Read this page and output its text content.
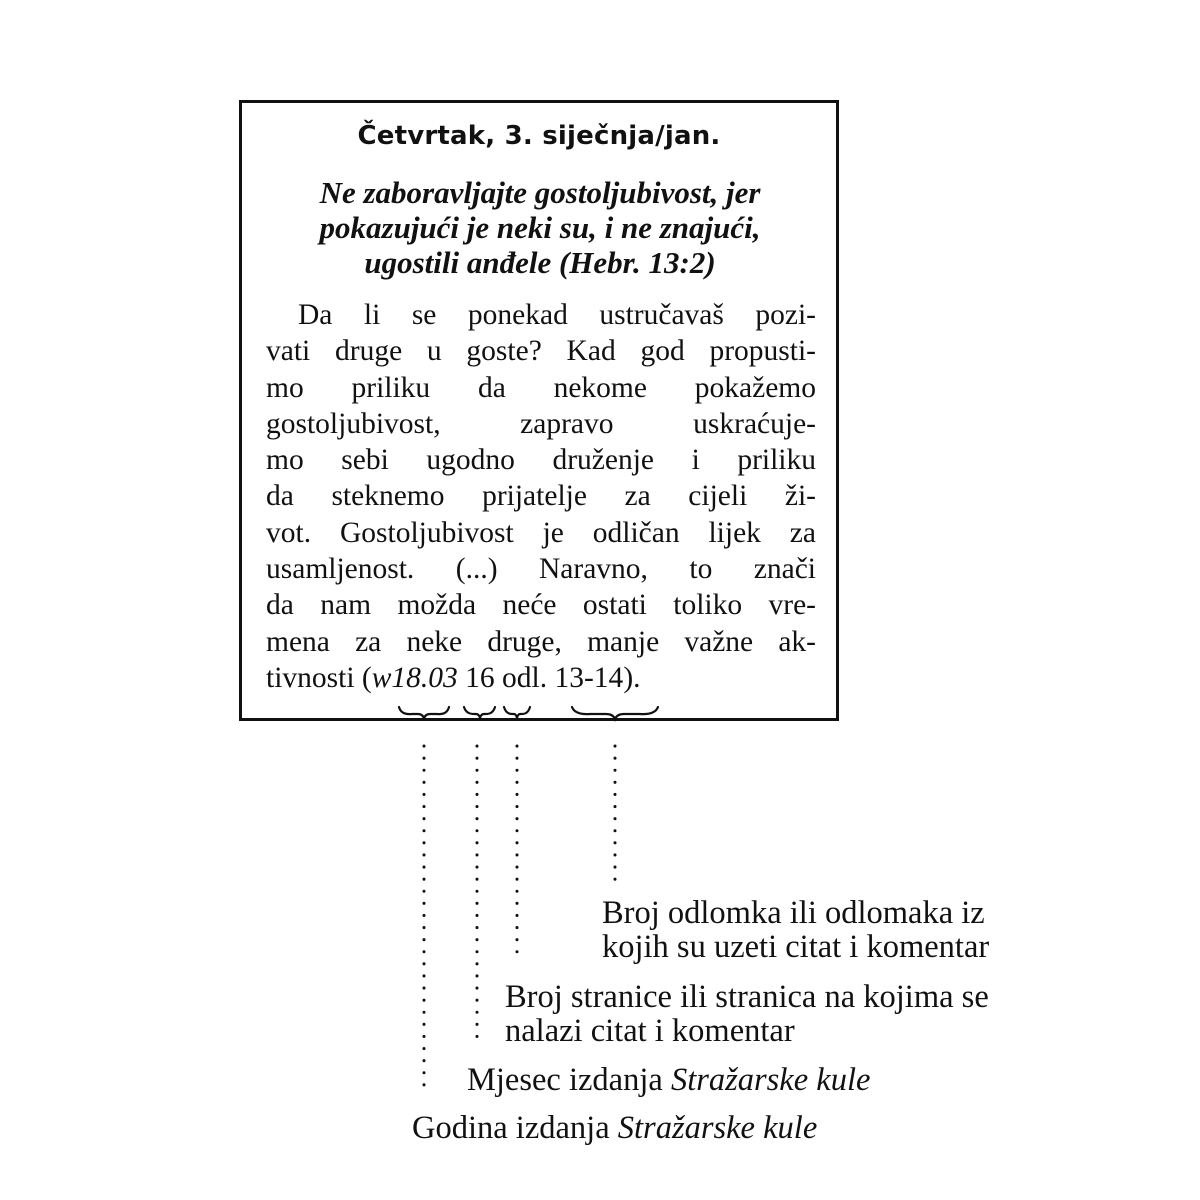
Četvrtak, 3. siječnja/jan.
Ne zaboravljajte gostoljubivost, jer
pokazujući je neki su, i ne znajući,
ugostili anđele (Hebr. 13:2)
Da li se ponekad ustručavaš pozi-
vati druge u goste? Kad god propusti-
mo priliku da nekome pokažemo
gostoljubivost, zapravo uskraćuje-
mo sebi ugodno druženje i priliku
da steknemo prijatelje za cijeli ži-
vot. Gostoljubivost je odličan lijek za
usamljenost. (...) Naravno, to znači
da nam možda neće ostati toliko vre-
mena za neke druge, manje važne ak-
tivnosti (w18.03 16 odl. 13-14).
Broj odlomka ili odlomaka iz
kojih su uzeti citat i komentar
Broj stranice ili stranica na kojima se
nalazi citat i komentar
Mjesec izdanja Stražarske kule
Godina izdanja Stražarske kule
